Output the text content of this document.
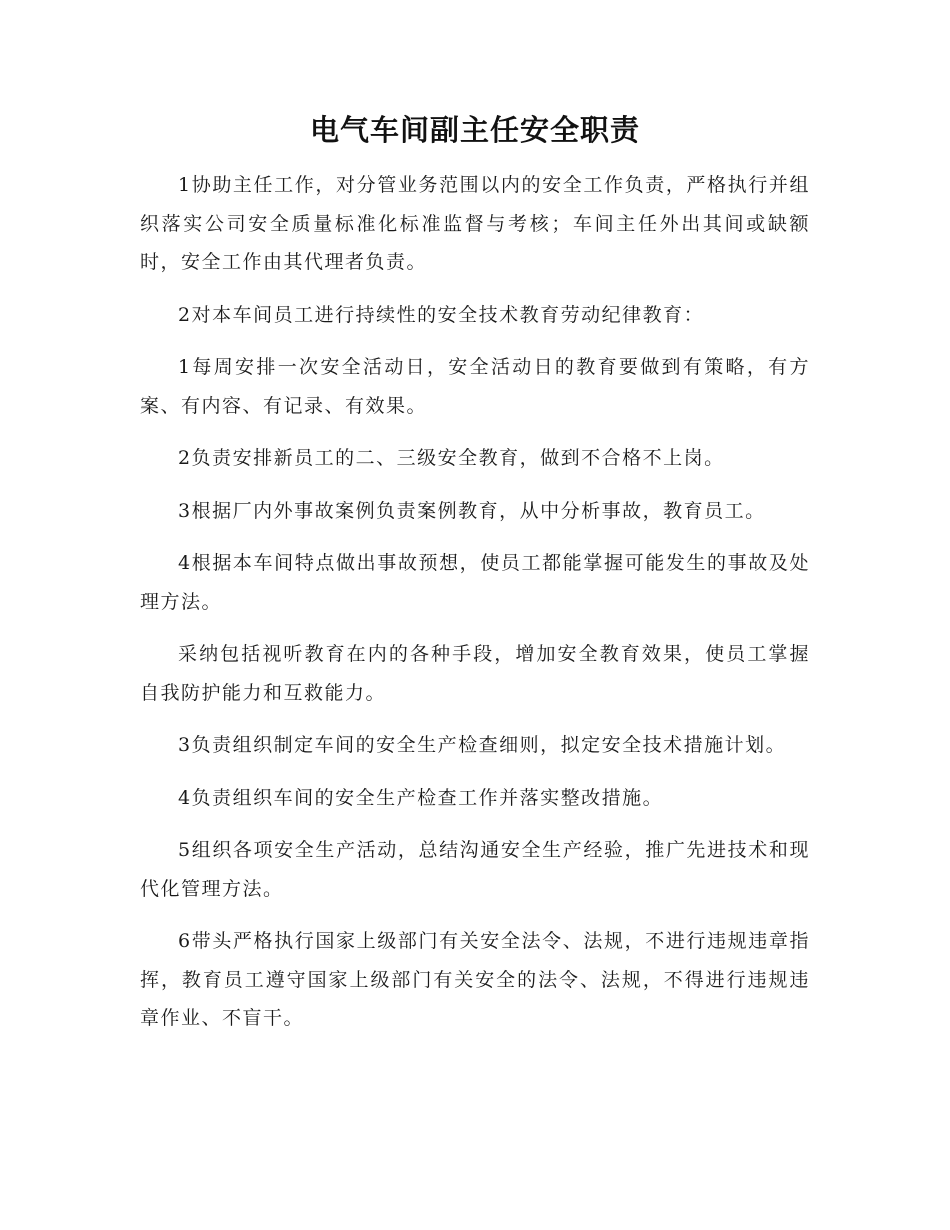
电气车间副主任安全职责

1协助主任工作，对分管业务范围以内的安全工作负责，严格执行并组织落实公司安全质量标准化标准监督与考核；车间主任外出其间或缺额时，安全工作由其代理者负责。

2对本车间员工进行持续性的安全技术教育劳动纪律教育：

1每周安排一次安全活动日，安全活动日的教育要做到有策略，有方案、有内容、有记录、有效果。

2负责安排新员工的二、三级安全教育，做到不合格不上岗。

3根据厂内外事故案例负责案例教育，从中分析事故，教育员工。

4根据本车间特点做出事故预想，使员工都能掌握可能发生的事故及处理方法。

采纳包括视听教育在内的各种手段，增加安全教育效果，使员工掌握自我防护能力和互救能力。

3负责组织制定车间的安全生产检查细则，拟定安全技术措施计划。

4负责组织车间的安全生产检查工作并落实整改措施。

5组织各项安全生产活动，总结沟通安全生产经验，推广先进技术和现代化管理方法。

6带头严格执行国家上级部门有关安全法令、法规，不进行违规违章指挥，教育员工遵守国家上级部门有关安全的法令、法规，不得进行违规违章作业、不盲干。
